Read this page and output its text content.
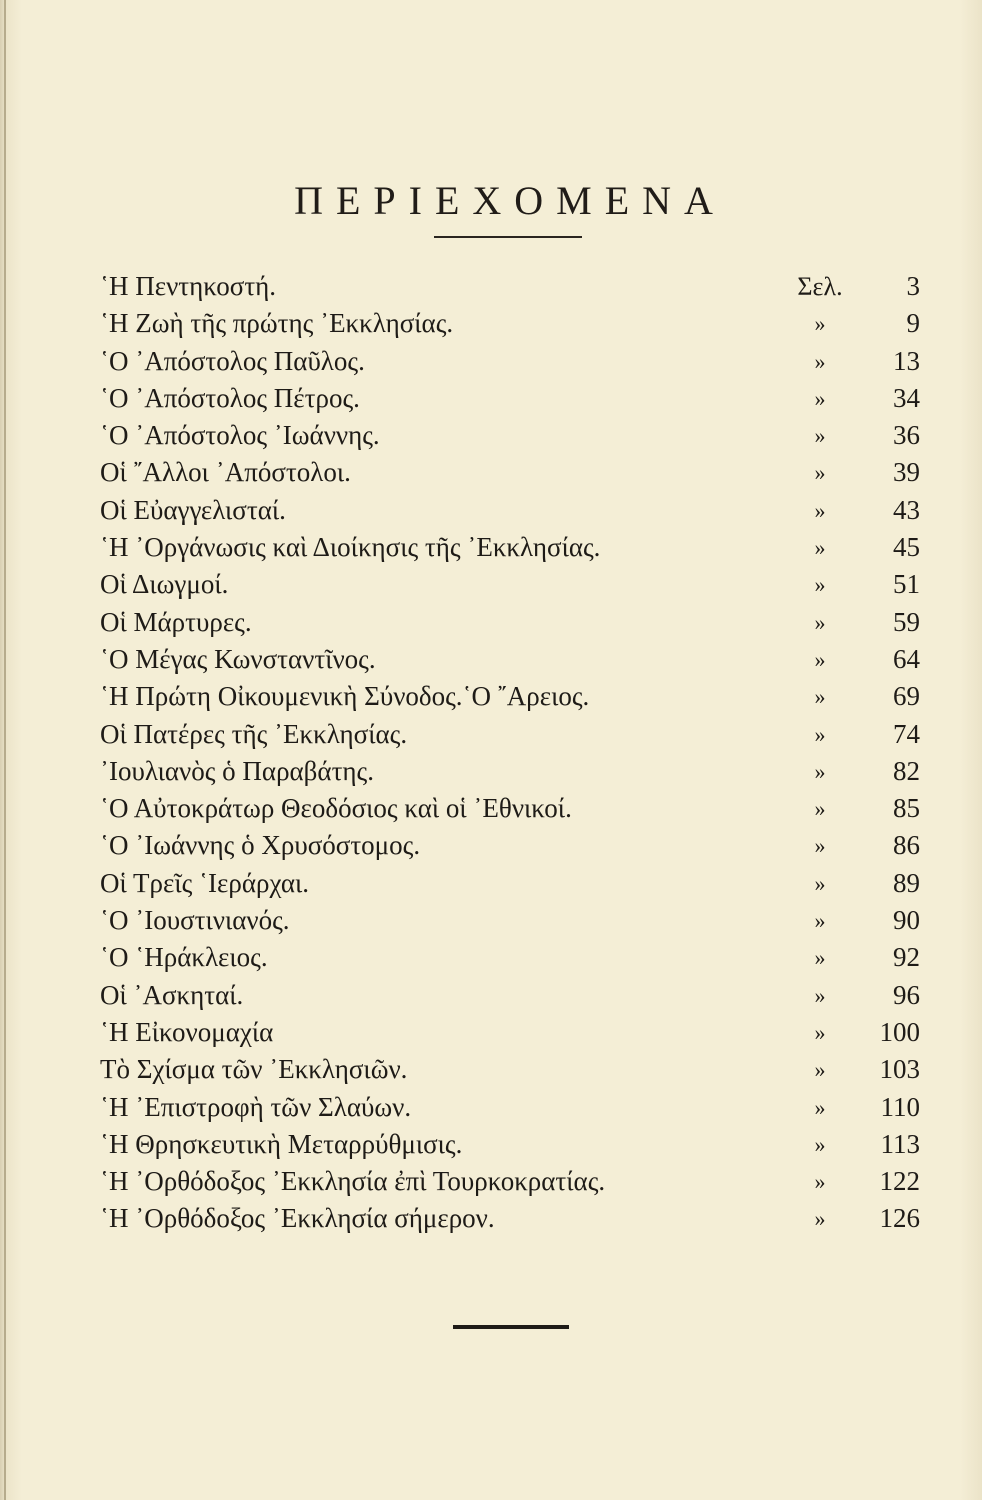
ΠΕΡΙΕΧΟΜΕΝΑ
῾Η Πεντηκοστή.	Σελ.	3
῾Η Ζωὴ τῆς πρώτης ᾿Εκκλησίας.	»	9
῾Ο ᾿Απόστολος Παῦλος.	»	13
῾Ο ᾿Απόστολος Πέτρος.	»	34
῾Ο ᾿Απόστολος ᾿Ιωάννης.	»	36
Οἱ ῎Αλλοι ᾿Απόστολοι.	»	39
Οἱ Εὐαγγελισταί.	»	43
῾Η ᾿Οργάνωσις καὶ Διοίκησις τῆς ᾿Εκκλησίας.	»	45
Οἱ Διωγμοί.	»	51
Οἱ Μάρτυρες.	»	59
῾Ο Μέγας Κωνσταντῖνος.	»	64
῾Η Πρώτη Οἰκουμενικὴ Σύνοδος.῾Ο ῎Αρειος.	»	69
Οἱ Πατέρες τῆς ᾿Εκκλησίας.	»	74
᾿Ιουλιανὸς ὁ Παραβάτης.	»	82
῾Ο Αὐτοκράτωρ Θεοδόσιος καὶ οἱ ᾿Εθνικοί.	»	85
῾Ο ᾿Ιωάννης ὁ Χρυσόστομος.	»	86
Οἱ Τρεῖς ῾Ιεράρχαι.	»	89
῾Ο ᾿Ιουστινιανός.	»	90
῾Ο ῾Ηράκλειος.	»	92
Οἱ ᾿Ασκηταί.	»	96
῾Η Εἰκονομαχία	»	100
Τὸ Σχίσμα τῶν ᾿Εκκλησιῶν.	»	103
῾Η ᾿Επιστροφὴ τῶν Σλαύων.	»	110
῾Η Θρησκευτικὴ Μεταρρύθμισις.	»	113
῾Η ᾿Ορθόδοξος ᾿Εκκλησία ἐπὶ Τουρκοκρατίας.	»	122
῾Η ᾿Ορθόδοξος ᾿Εκκλησία σήμερον.	»	126
